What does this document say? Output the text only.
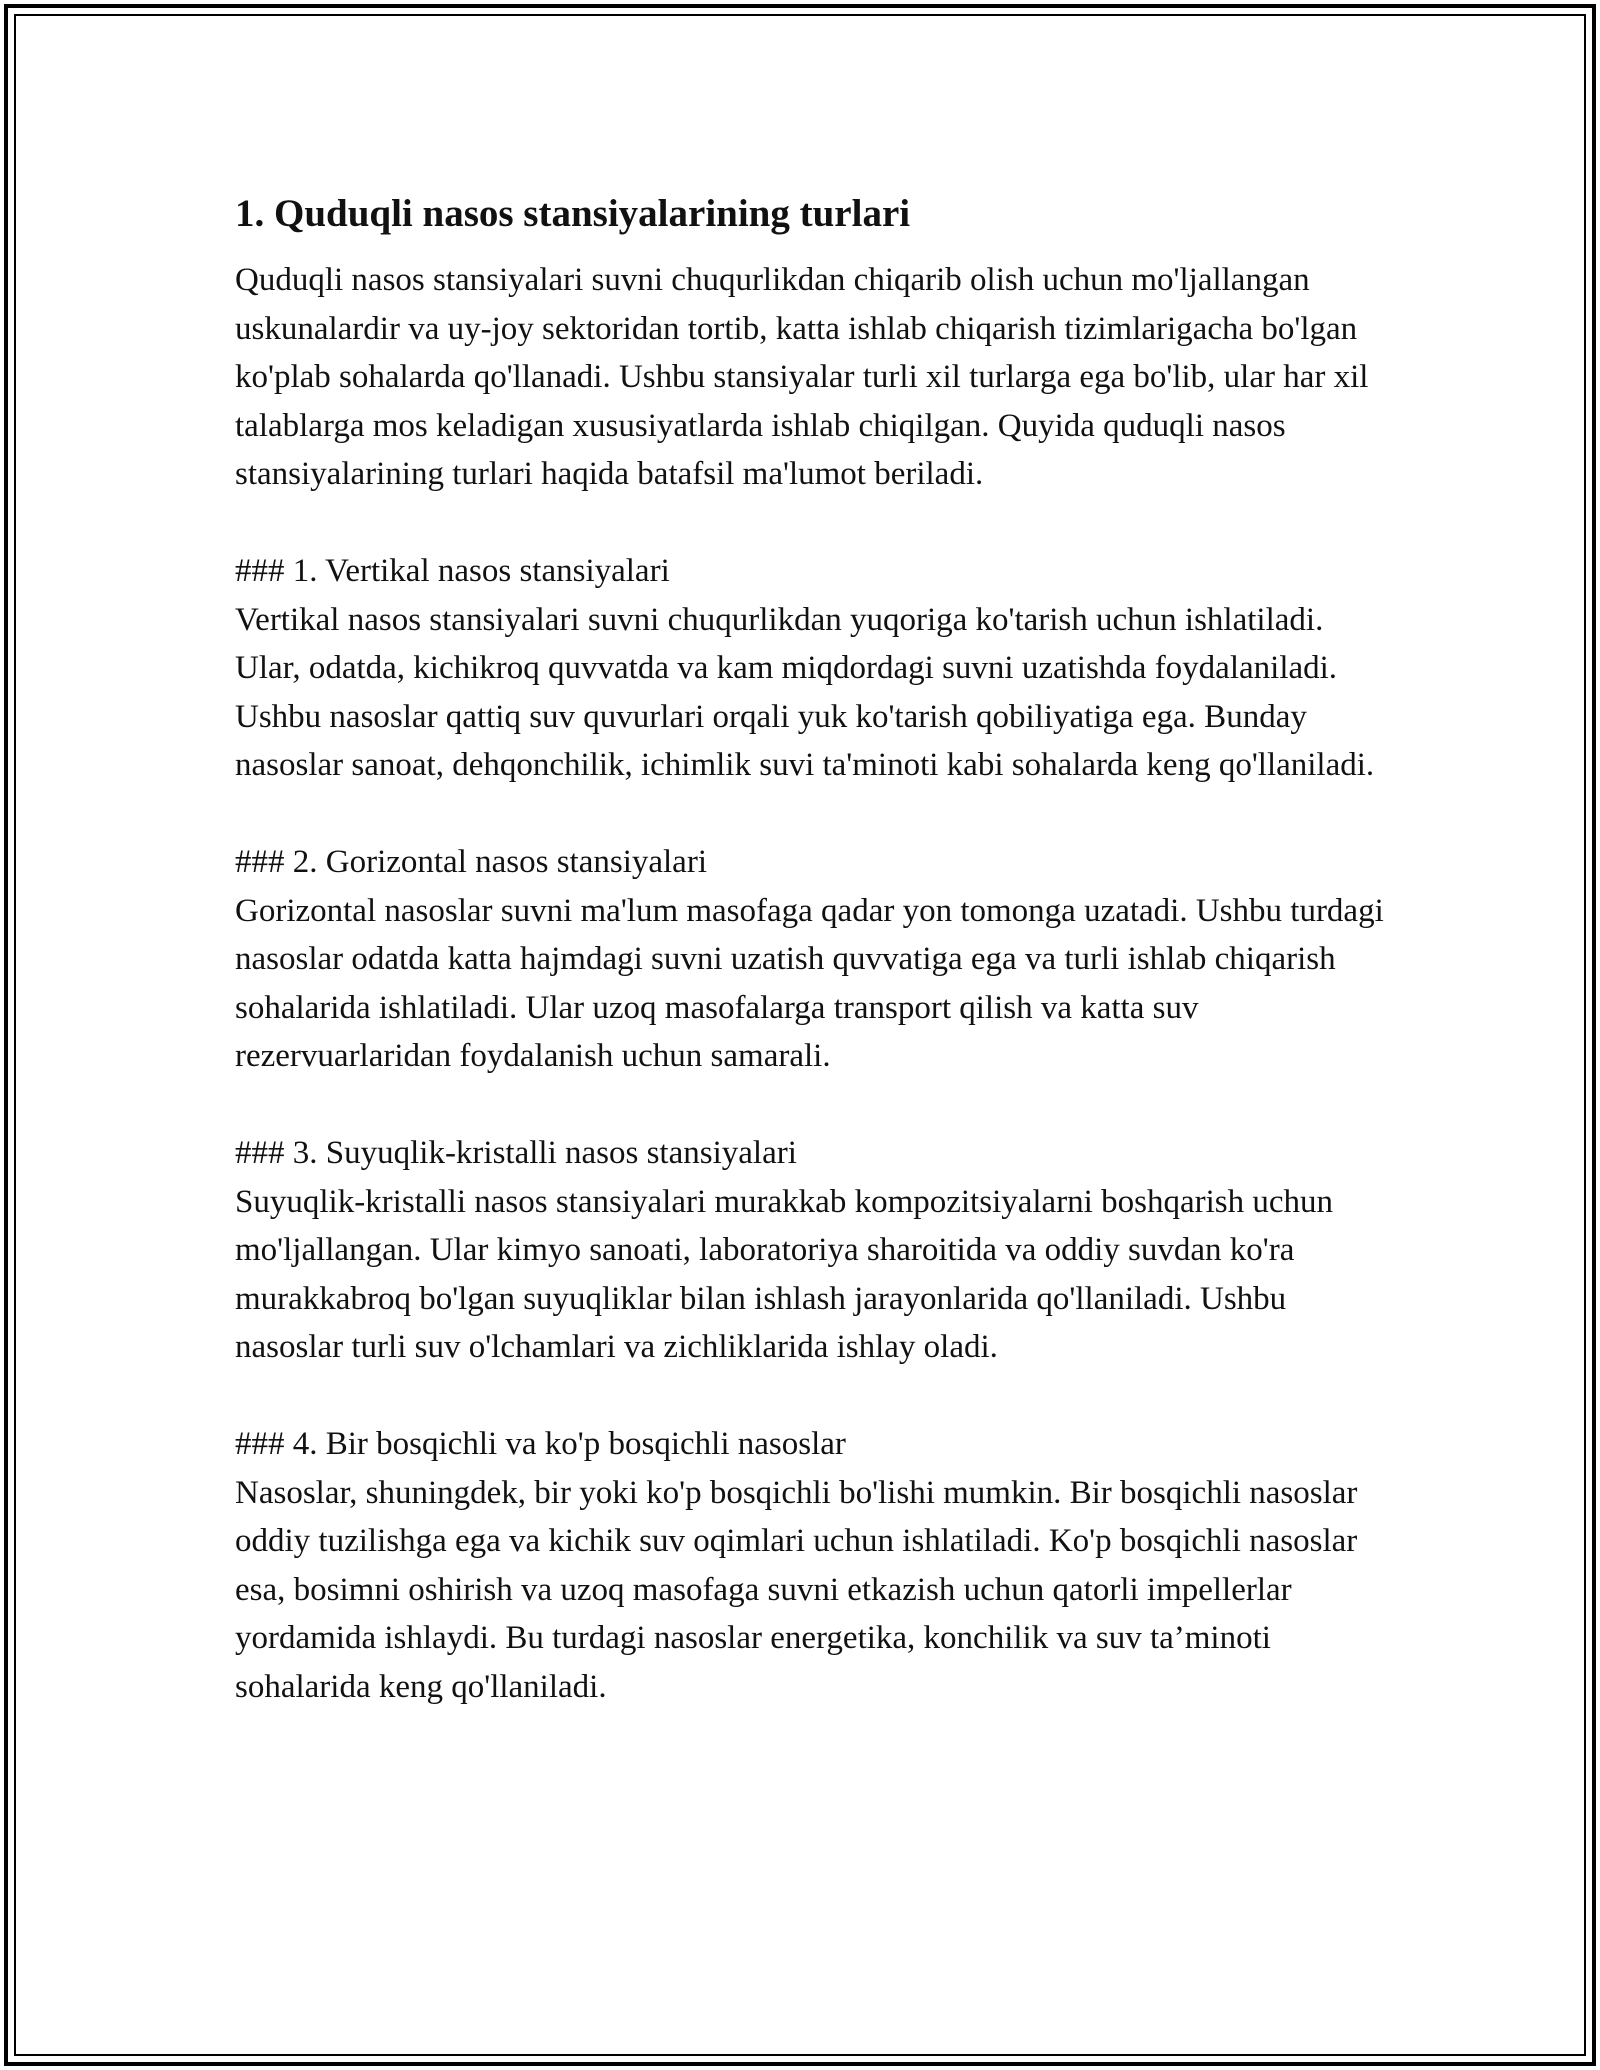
1. Quduqli nasos stansiyalarining turlari

Quduqli nasos stansiyalari suvni chuqurlikdan chiqarib olish uchun mo'ljallangan uskunalardir va uy-joy sektoridan tortib, katta ishlab chiqarish tizimlarigacha bo'lgan ko'plab sohalarda qo'llanadi. Ushbu stansiyalar turli xil turlarga ega bo'lib, ular har xil talablarga mos keladigan xususiyatlarda ishlab chiqilgan. Quyida quduqli nasos stansiyalarining turlari haqida batafsil ma'lumot beriladi.

### 1. Vertikal nasos stansiyalari

Vertikal nasos stansiyalari suvni chuqurlikdan yuqoriga ko'tarish uchun ishlatiladi. Ular, odatda, kichikroq quvvatda va kam miqdordagi suvni uzatishda foydalaniladi. Ushbu nasoslar qattiq suv quvurlari orqali yuk ko'tarish qobiliyatiga ega. Bunday nasoslar sanoat, dehqonchilik, ichimlik suvi ta'minoti kabi sohalarda keng qo'llaniladi.

### 2. Gorizontal nasos stansiyalari

Gorizontal nasoslar suvni ma'lum masofaga qadar yon tomonga uzatadi. Ushbu turdagi nasoslar odatda katta hajmdagi suvni uzatish quvvatiga ega va turli ishlab chiqarish sohalarida ishlatiladi. Ular uzoq masofalarga transport qilish va katta suv rezervuarlaridan foydalanish uchun samarali.

### 3. Suyuqlik-kristalli nasos stansiyalari

Suyuqlik-kristalli nasos stansiyalari murakkab kompozitsiyalarni boshqarish uchun mo'ljallangan. Ular kimyo sanoati, laboratoriya sharoitida va oddiy suvdan ko'ra murakkabroq bo'lgan suyuqliklar bilan ishlash jarayonlarida qo'llaniladi. Ushbu nasoslar turli suv o'lchamlari va zichliklarida ishlay oladi.

### 4. Bir bosqichli va ko'p bosqichli nasoslar

Nasoslar, shuningdek, bir yoki ko'p bosqichli bo'lishi mumkin. Bir bosqichli nasoslar oddiy tuzilishga ega va kichik suv oqimlari uchun ishlatiladi. Ko'p bosqichli nasoslar esa, bosimni oshirish va uzoq masofaga suvni etkazish uchun qatorli impellerlar yordamida ishlaydi. Bu turdagi nasoslar energetika, konchilik va suv ta’minoti sohalarida keng qo'llaniladi.
